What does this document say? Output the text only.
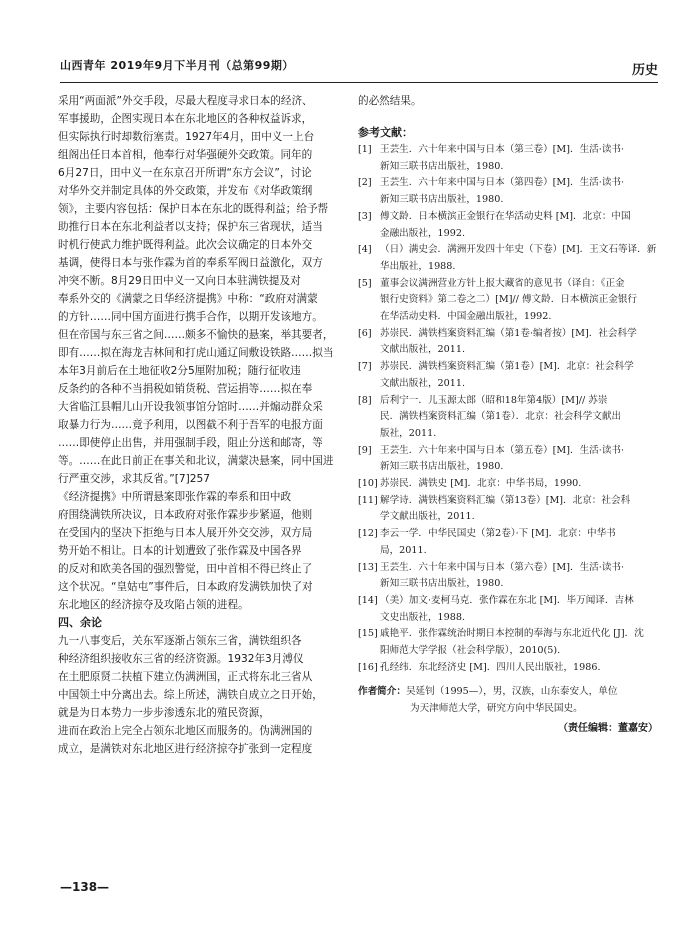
山西青年 2019年9月下半月刊（总第99期）	历史
采用“两面派”外交手段，尽最大程度寻求日本的经济、
军事援助，企图实现日本在东北地区的各种权益诉求，
但实际执行时却数衍塞责。1927年4月，田中义一上台
组阁出任日本首相，他奉行对华强硬外交政策。同年的
6月27日，田中义一在东京召开所谓“东方会议”，讨论
对华外交并制定具体的外交政策，并发布《对华政策纲
领》，主要内容包括：保护日本在东北的既得利益；给予帮
助推行日本在东北利益者以支持；保护东三省现状，适当
时机行使武力维护既得利益。此次会议确定的日本外交
基调，使得日本与张作霖为首的奉系军阀日益激化，双方
冲突不断。8月29日田中义一又向日本驻满铁提及对
奉系外交的《满蒙之日华经济提携》中称：“政府对满蒙
的方针……同中国方面进行携手合作，以期开发该地方。
但在帝国与东三省之间……颇多不愉快的悬案，举其要者，
即有……拟在海龙吉林间和打虎山通辽间敷设铁路……拟当
本年3月前后在土地征收2分5厘附加税；随行征收违
反条约的各种不当捐税如销货税、营运捐等……拟在奉
大省临江县帽儿山开设我领事馆分馆时……并煽动群众采
取暴力行为……竟予利用，以图截不利于吾军的电报方面
……即使停止出售，并用强制手段，阻止分送和邮寄，等
等。……在此日前正在事关和北议，满蒙决悬案，同中国进
行严重交涉，求其反省。”[7]257
《经济提携》中所谓悬案即张作霖的奉系和田中政
府围绕满铁所决议，日本政府对张作霖步步紧逼，他则
在受国内的坚决下拒绝与日本人展开外交交涉，双方局
势开始不相让。日本的计划遭致了张作霖及中国各界
的反对和欧美各国的强烈警觉，田中首相不得已终止了
这个状况。“皇姑屯”事件后，日本政府发满铁加快了对
东北地区的经济掠夺及攻陷占领的进程。
四、余论
九一八事变后，关东军逐渐占领东三省，满铁组织各
种经济组织接收东三省的经济资源。1932年3月溥仪
在土肥原贤二扶植下建立伪满洲国，正式将东北三省从
中国领土中分离出去。综上所述，满铁自成立之日开始，
就是为日本势力一步步渗透东北的殖民资源，
进而在政治上完全占领东北地区而服务的。伪满洲国的
成立，是满铁对东北地区进行经济掠夺扩张到一定程度
的必然结果。
参考文献：
[1] 王芸生．六十年来中国与日本（第三卷）[M]．生活·读书·
新知三联书店出版社，1980.
[2] 王芸生．六十年来中国与日本（第四卷）[M]．生活·读书·
新知三联书店出版社，1980.
[3] 傅文龄．日本横滨正金银行在华活动史料 [M]．北京：中国
金融出版社，1992.
[4] （日）满史会．满洲开发四十年史（下卷）[M]．王文石等译．新
华出版社，1988.
[5] 董事会议满洲营业方针上报大藏省的意见书（译自：《正金
银行史资料》第二卷之二）[M]// 傅文龄．日本横滨正金银行
在华活动史料．中国金融出版社，1992.
[6] 苏崇民．满铁档案资料汇编（第1卷·编者按）[M]．社会科学
文献出版社，2011.
[7] 苏崇民．满铁档案资料汇编（第1卷）[M]．北京：社会科学
文献出版社，2011.
[8] 后利宁一．儿玉源太郎（昭和18年第4版）[M]// 苏崇
民．满铁档案资料汇编（第1卷）．北京：社会科学文献出
版社，2011.
[9] 王芸生．六十年来中国与日本（第五卷）[M]．生活·读书·
新知三联书店出版社，1980.
[10] 苏崇民．满铁史 [M]．北京：中华书局，1990.
[11] 解学诗．满铁档案资料汇编（第13卷）[M]．北京：社会科
学文献出版社，2011.
[12] 李云一学．中华民国史（第2卷）·下 [M]．北京：中华书
局，2011.
[13] 王芸生．六十年来中国与日本（第六卷）[M]．生活·读书·
新知三联书店出版社，1980.
[14] （美）加文·麦柯马克．张作霖在东北 [M]．毕万闻译．吉林
文史出版社，1988.
[15] 戚艳平．张作霖统治时期日本控制的奉海与东北近代化 [J]．沈
阳师范大学学报（社会科学版），2010(5).
[16] 孔经纬．东北经济史 [M]．四川人民出版社，1986.
作者简介：吴延钊（1995—），男，汉族，山东泰安人，单位
为天津师范大学，研究方向中华民国史。
（责任编辑：董嘉安）
—138—
